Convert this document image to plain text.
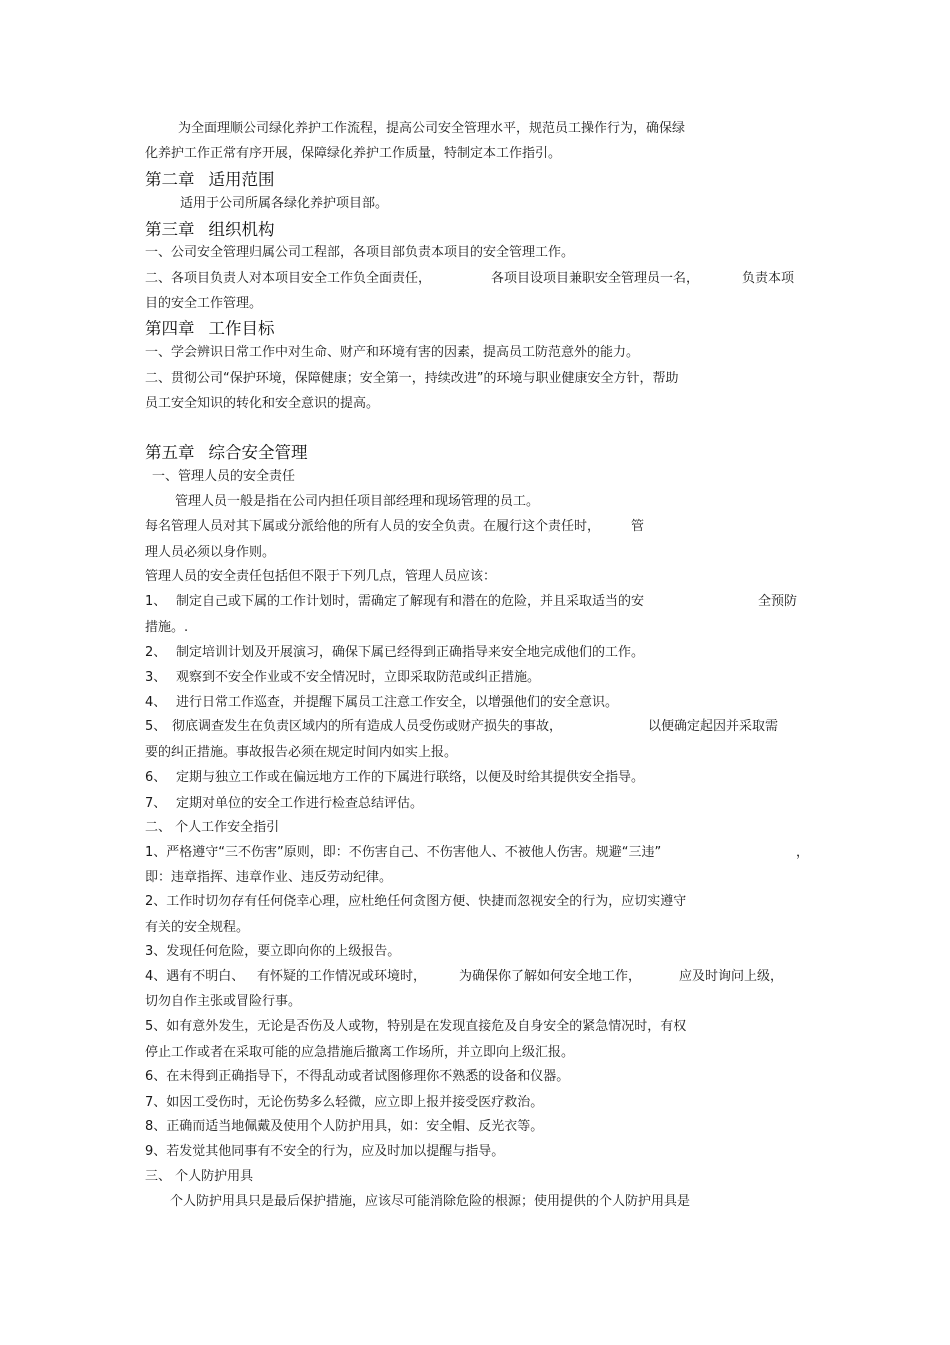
为全面理顺公司绿化养护工作流程，提高公司安全管理水平，规范员工操作行为，确保绿
化养护工作正常有序开展，保障绿化养护工作质量，特制定本工作指引。
第二章 适用范围
适用于公司所属各绿化养护项目部。
第三章 组织机构
一、公司安全管理归属公司工程部，各项目部负责本项目的安全管理工作。
二、各项目负责人对本项目安全工作负全面责任，	各项目设项目兼职安全管理员一名，	负责本项
目的安全工作管理。
第四章 工作目标
一、学会辨识日常工作中对生命、财产和环境有害的因素，提高员工防范意外的能力。
二、贯彻公司“保护环境，保障健康；安全第一，持续改进”的环境与职业健康安全方针，帮助
员工安全知识的转化和安全意识的提高。
第五章 综合安全管理
一、管理人员的安全责任
管理人员一般是指在公司内担任项目部经理和现场管理的员工。
每名管理人员对其下属或分派给他的所有人员的安全负责。在履行这个责任时， 管
理人员必须以身作则。
管理人员的安全责任包括但不限于下列几点，管理人员应该：
1、 制定自己或下属的工作计划时，需确定了解现有和潜在的危险，并且采取适当的安	全预防
措施。.
2、 制定培训计划及开展演习，确保下属已经得到正确指导来安全地完成他们的工作。
3、 观察到不安全作业或不安全情况时，立即采取防范或纠正措施。
4、 进行日常工作巡查，并提醒下属员工注意工作安全，以增强他们的安全意识。
5、 彻底调查发生在负责区域内的所有造成人员受伤或财产损失的事故，	以便确定起因并采取需
要的纠正措施。事故报告必须在规定时间内如实上报。
6、 定期与独立工作或在偏远地方工作的下属进行联络，以便及时给其提供安全指导。
7、 定期对单位的安全工作进行检查总结评估。
二、 个人工作安全指引
1、严格遵守“三不伤害”原则，即：不伤害自己、不伤害他人、不被他人伤害。规避“三违”	，
即：违章指挥、违章作业、违反劳动纪律。
2、工作时切勿存有任何侥幸心理，应杜绝任何贪图方便、快捷而忽视安全的行为，应切实遵守
有关的安全规程。
3、发现任何危险，要立即向你的上级报告。
4、遇有不明白、 有怀疑的工作情况或环境时，	为确保你了解如何安全地工作，	应及时询问上级，
切勿自作主张或冒险行事。
5、如有意外发生，无论是否伤及人或物，特别是在发现直接危及自身安全的紧急情况时，有权
停止工作或者在采取可能的应急措施后撤离工作场所，并立即向上级汇报。
6、在未得到正确指导下，不得乱动或者试图修理你不熟悉的设备和仪器。
7、如因工受伤时，无论伤势多么轻微，应立即上报并接受医疗救治。
8、正确而适当地佩戴及使用个人防护用具，如：安全帽、反光衣等。
9、若发觉其他同事有不安全的行为，应及时加以提醒与指导。
三、 个人防护用具
个人防护用具只是最后保护措施，应该尽可能消除危险的根源；使用提供的个人防护用具是
